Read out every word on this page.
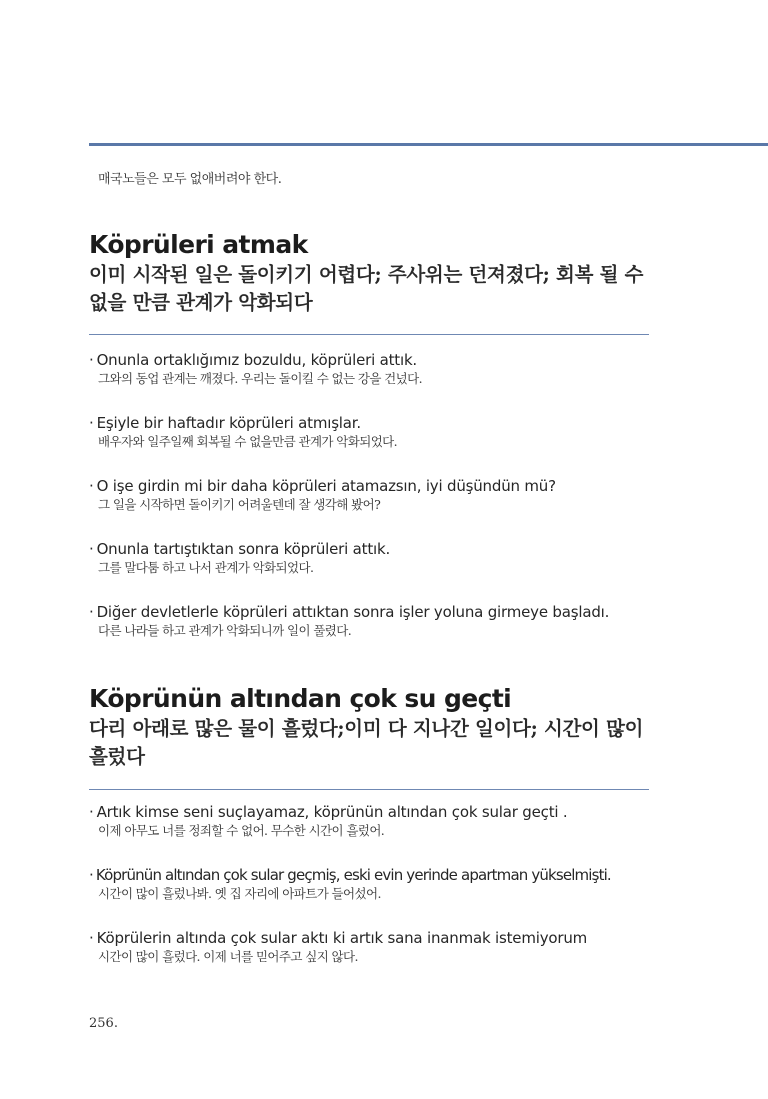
매국노들은 모두 없애버려야 한다.
Köprüleri atmak

이미 시작된 일은 돌이키기 어렵다; 주사위는 던져졌다; 회복 될 수 없을 만큼 관계가 악화되다

· Onunla ortaklığımız bozuldu, köprüleri attık.
그와의 동업 관계는 깨졌다. 우리는 돌이킬 수 없는 강을 건넜다.
· Eşiyle bir haftadır köprüleri atmışlar.
배우자와 일주일째 회복될 수 없을만큼 관계가 악화되었다.
· O işe girdin mi bir daha köprüleri atamazsın, iyi düşündün mü?
그 일을 시작하면 돌이키기 어려울텐데 잘 생각해 봤어?
· Onunla tartıştıktan sonra köprüleri attık.
그를 말다툼 하고 나서 관계가 악화되었다.
· Diğer devletlerle köprüleri attıktan sonra işler yoluna girmeye başladı.
다른 나라들 하고 관계가 악화되니까 일이 풀렸다.
Köprünün altından çok su geçti

다리 아래로 많은 물이 흘렀다;이미 다 지나간 일이다; 시간이 많이 흘렀다

· Artık kimse seni suçlayamaz, köprünün altından çok sular geçti .
이제 아무도 너를 정죄할 수 없어. 무수한 시간이 흘렀어.
· Köprünün altından çok sular geçmiş, eski evin yerinde apartman yükselmişti.
시간이 많이 흘렀나봐. 옛 집 자리에 아파트가 들어섰어.
· Köprülerin altında çok sular aktı ki artık sana inanmak istemiyorum
시간이 많이 흘렀다. 이제 너를 믿어주고 싶지 않다.
256.
